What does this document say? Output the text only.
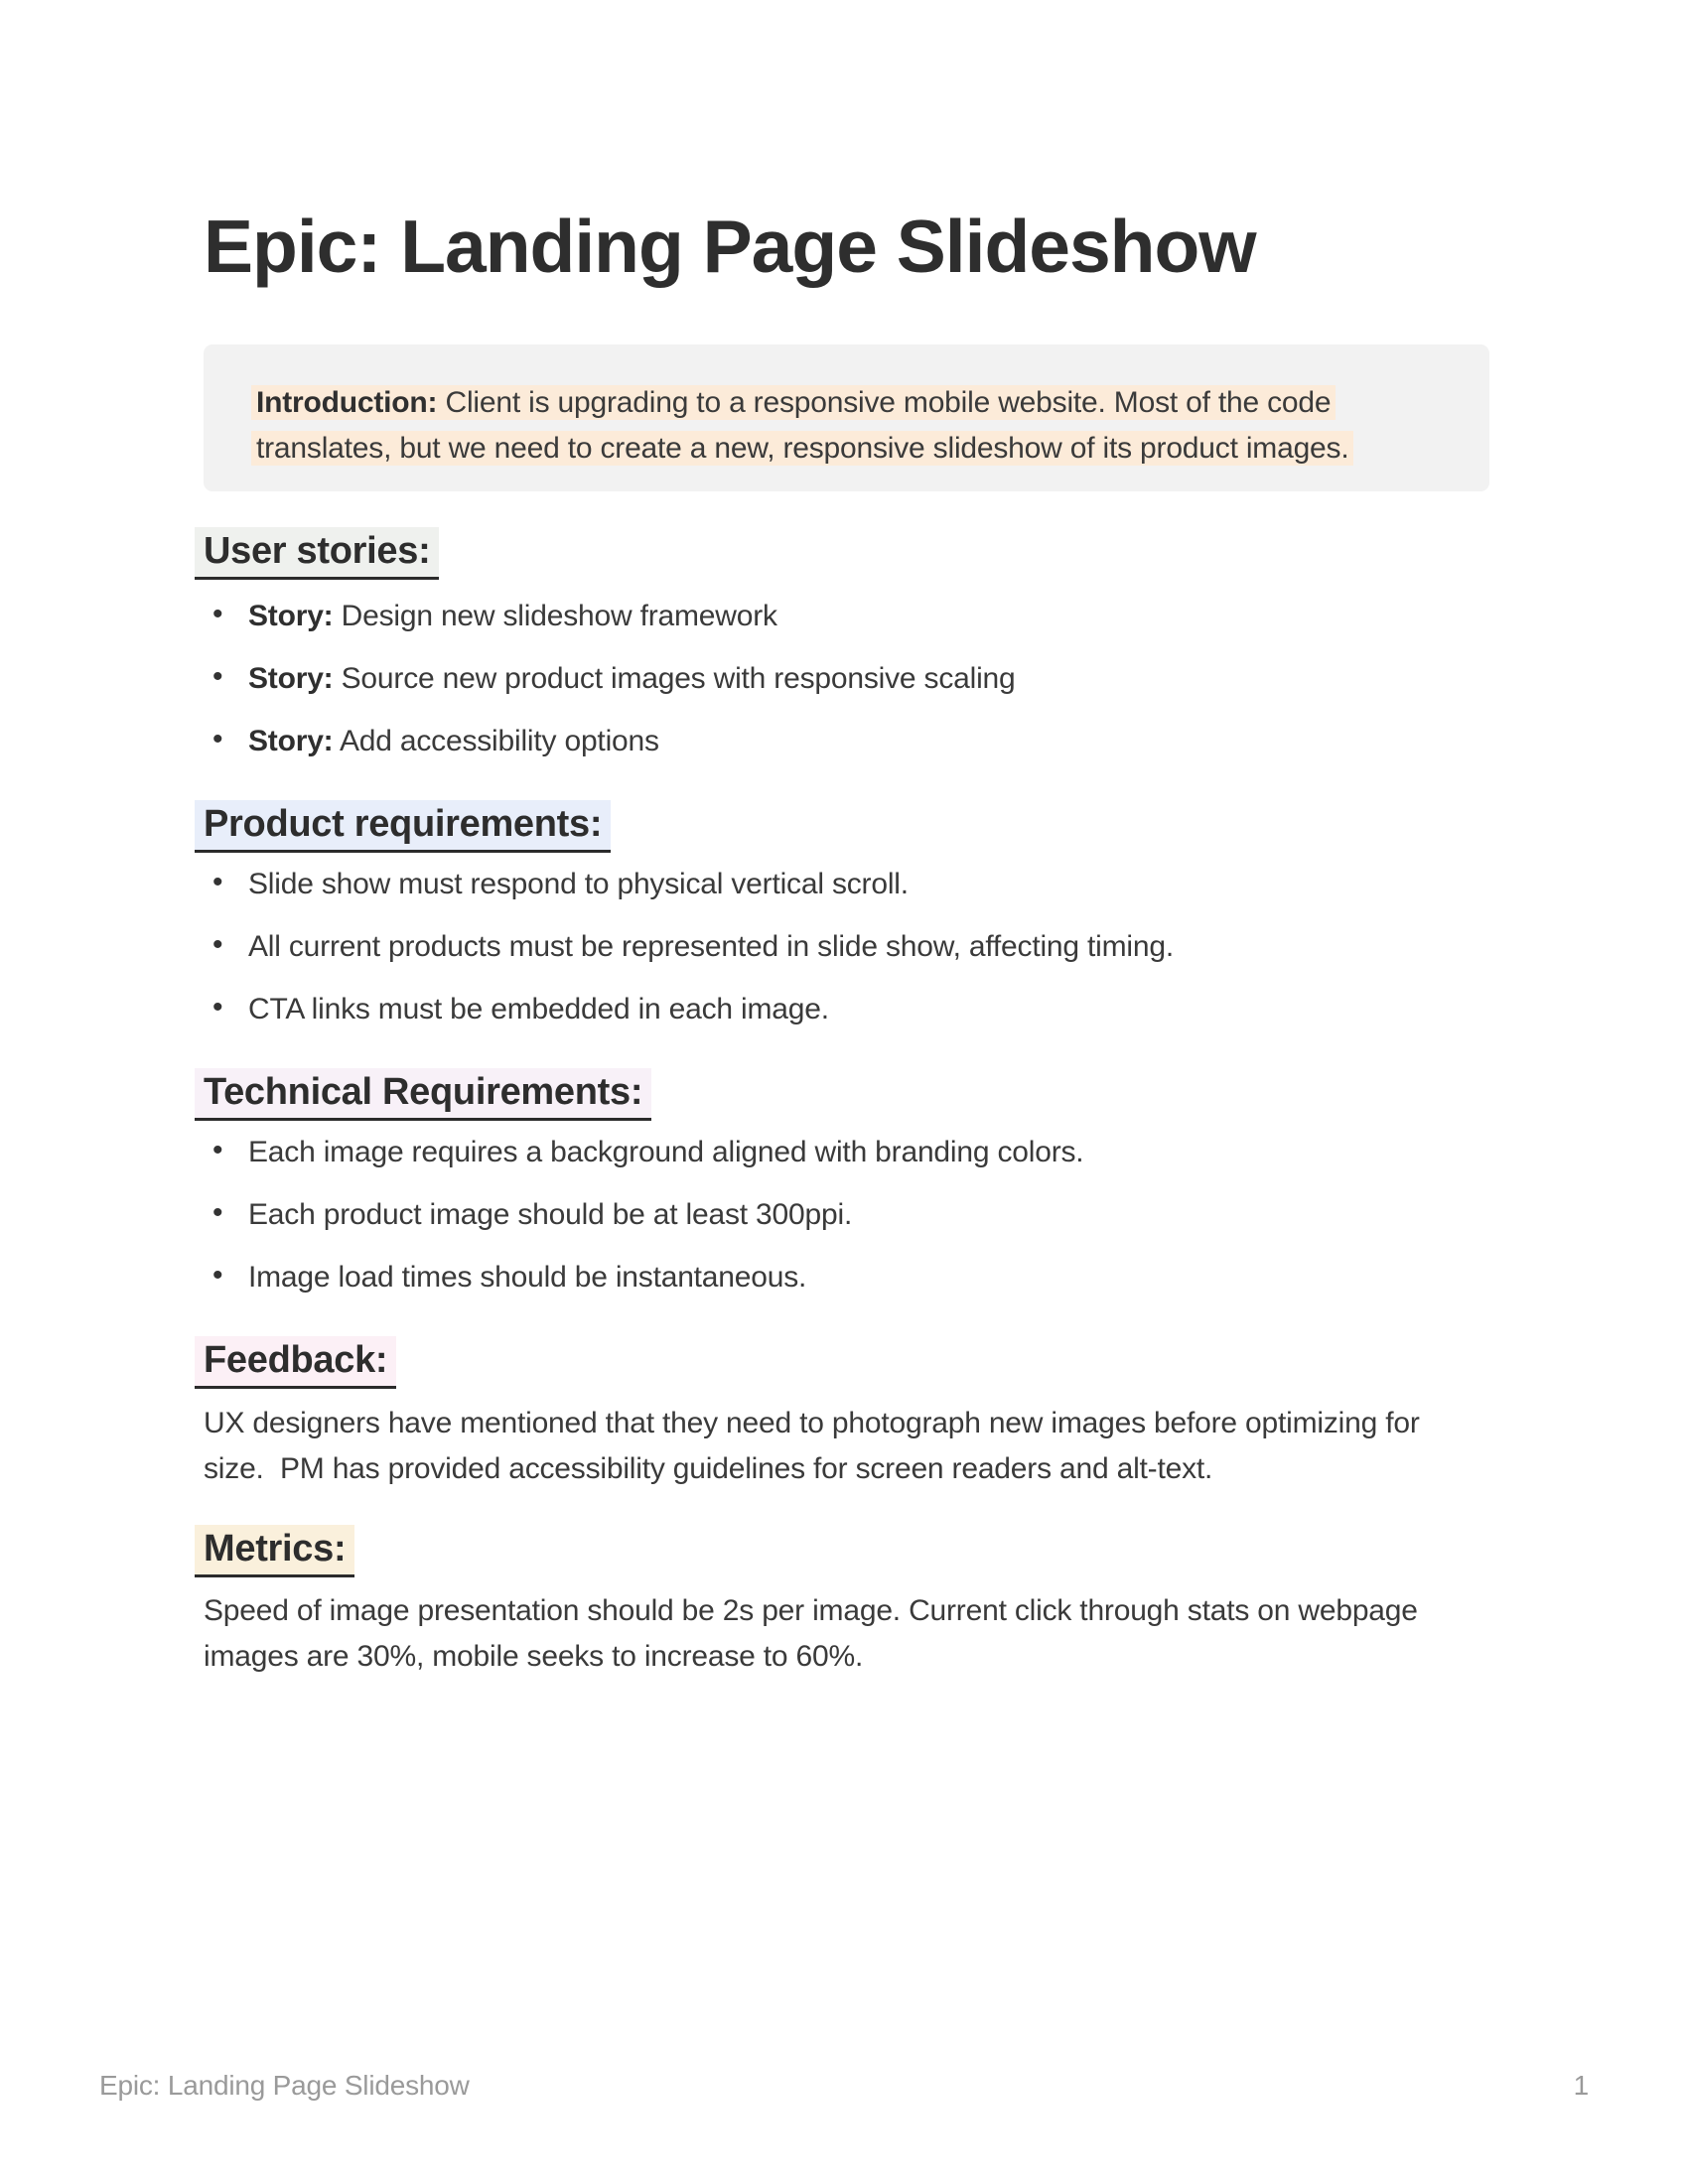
Epic: Landing Page Slideshow
Introduction: Client is upgrading to a responsive mobile website. Most of the code
translates, but we need to create a new, responsive slideshow of its product images.
User stories:
• Story: Design new slideshow framework
• Story: Source new product images with responsive scaling
• Story: Add accessibility options
Product requirements:
• Slide show must respond to physical vertical scroll.
• All current products must be represented in slide show, affecting timing.
• CTA links must be embedded in each image.
Technical Requirements:
• Each image requires a background aligned with branding colors.
• Each product image should be at least 300ppi.
• Image load times should be instantaneous.
Feedback:
UX designers have mentioned that they need to photograph new images before optimizing for
size.  PM has provided accessibility guidelines for screen readers and alt-text.
Metrics:
Speed of image presentation should be 2s per image. Current click through stats on webpage
images are 30%, mobile seeks to increase to 60%.
Epic: Landing Page Slideshow	1
